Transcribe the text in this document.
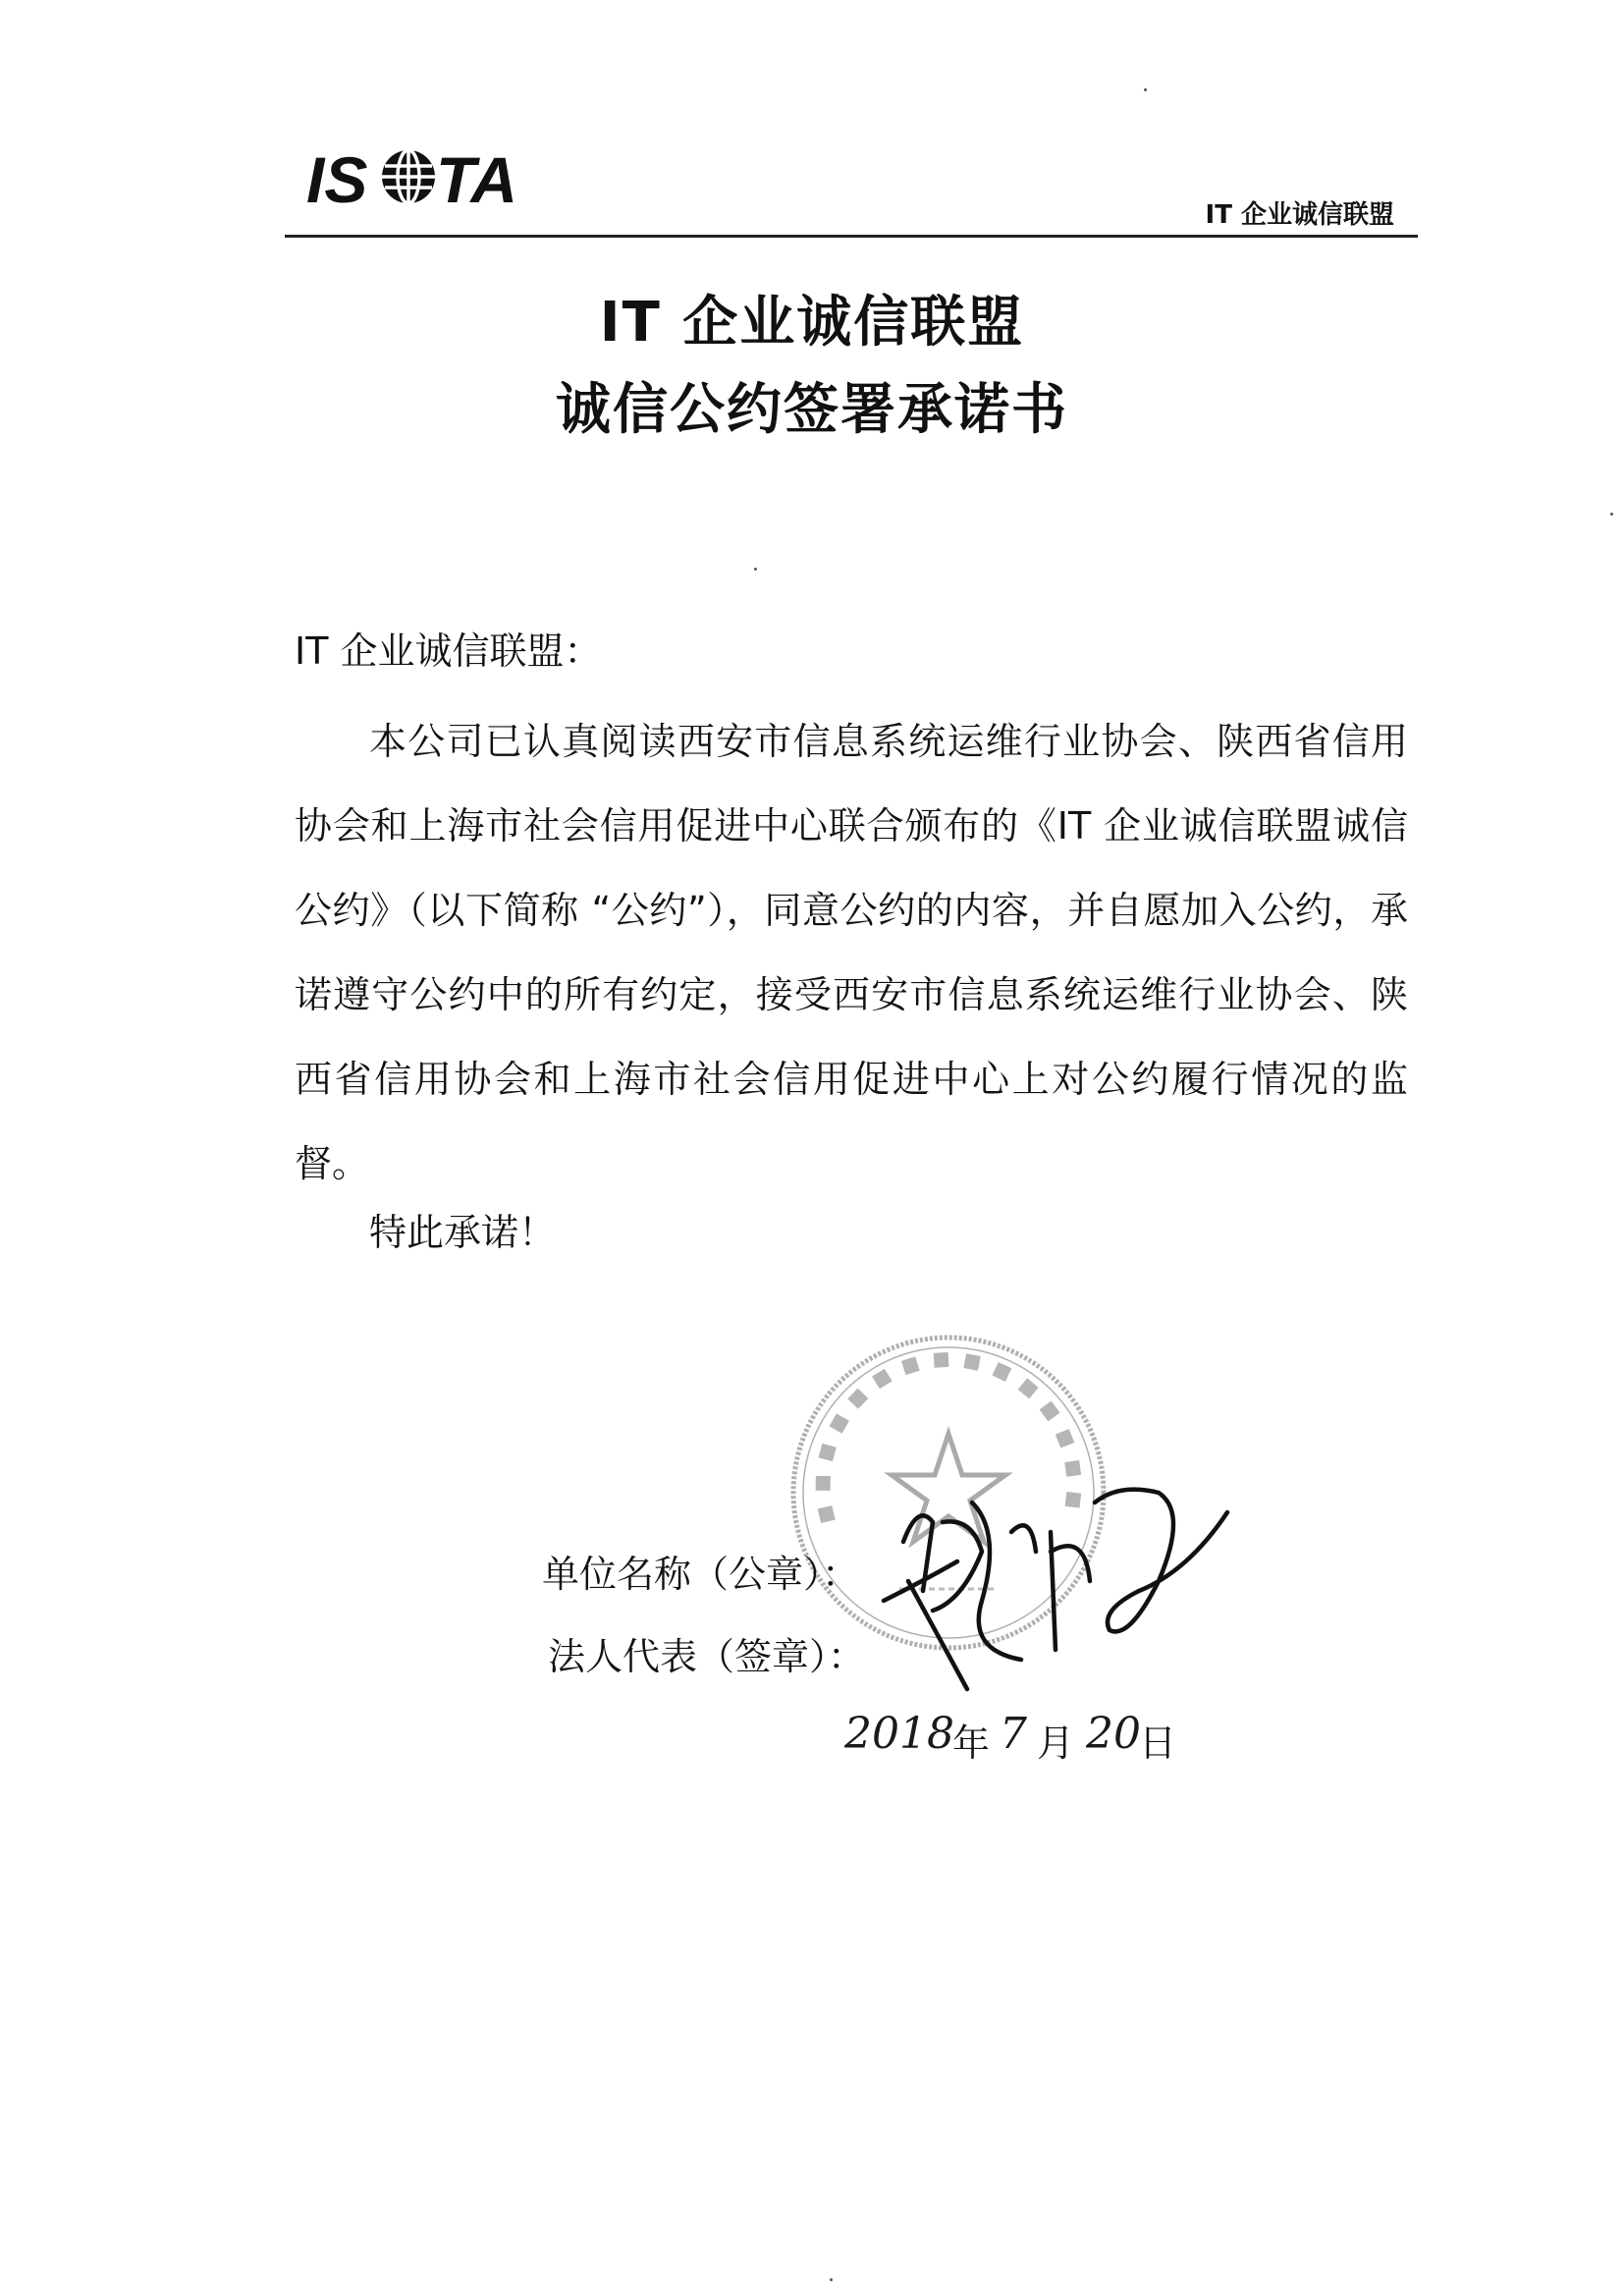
IS TA	IT 企业诚信联盟
IT 企业诚信联盟
诚信公约签署承诺书
IT 企业诚信联盟：

本公司已认真阅读西安市信息系统运维行业协会、陕西省信用协会和上海市社会信用促进中心联合颁布的《IT 企业诚信联盟诚信公约》（以下简称 “公约”），同意公约的内容，并自愿加入公约，承诺遵守公约中的所有约定，接受西安市信息系统运维行业协会、陕西省信用协会和上海市社会信用促进中心上对公约履行情况的监督。

特此承诺！
▪ ▪ ▪ ▪ ▪ ▪ ▪ ▪ ▪ ▪ ▪ ▪ ▪ ▪ ▪
单位名称（公章）：
法人代表（签章）：
2018
年 7 月 20
日
